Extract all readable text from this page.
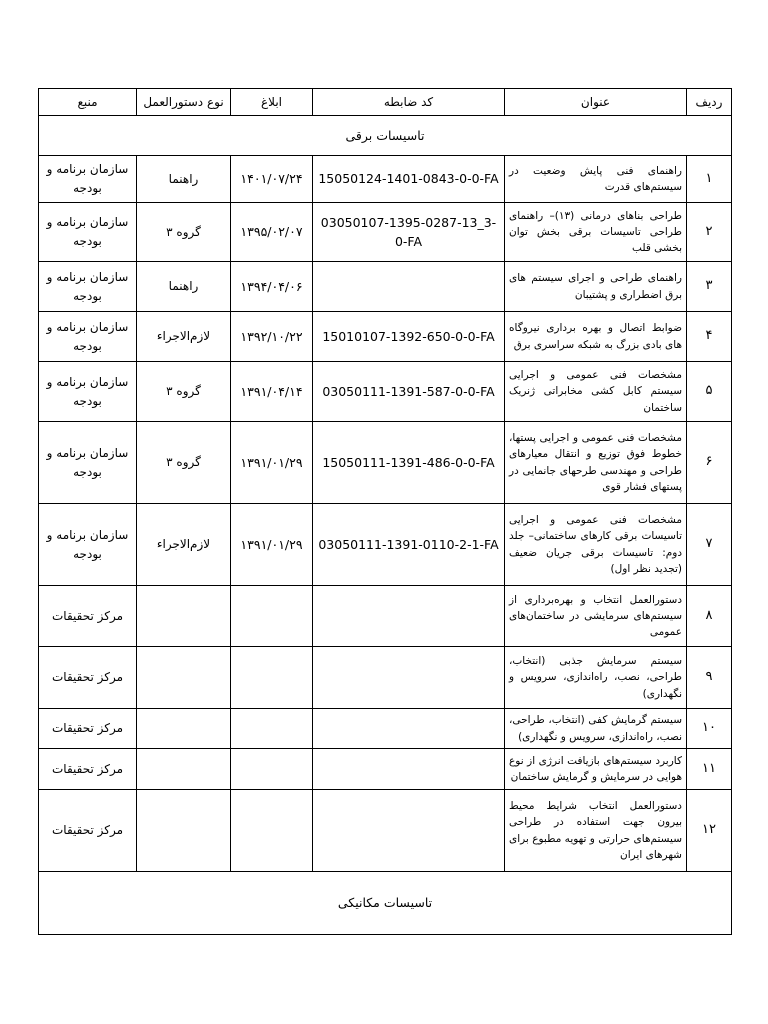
ردیف	عنوان	کد ضابطه	ابلاغ	نوع دستورالعمل	منبع
تاسیسات برقی					
۱	راهنمای فنی پایش وضعیت در سیستم‌های قدرت	15050124-1401-0843-0-0-FA	۱۴۰۱/۰۷/۲۴	راهنما	سازمان برنامه و بودجه
۲	طراحی بناهای درمانی (۱۳)– راهنمای طراحی تاسیسات برقی بخش توان بخشی قلب	03050107-1395-0287-13_3-0-FA	۱۳۹۵/۰۲/۰۷	گروه ۳	سازمان برنامه و بودجه
۳	راهنمای طراحی و اجرای سیستم های برق اضطراری و پشتیبان		۱۳۹۴/۰۴/۰۶	راهنما	سازمان برنامه و بودجه
۴	ضوابط اتصال و بهره برداری نیروگاه های بادی بزرگ به شبکه سراسری برق	15010107-1392-650-0-0-FA	۱۳۹۲/۱۰/۲۲	لازم‌الاجراء	سازمان برنامه و بودجه
۵	مشخصات فنی عمومی و اجرایی سیستم کابل کشی مخابراتی ژنریک ساختمان	03050111-1391-587-0-0-FA	۱۳۹۱/۰۴/۱۴	گروه ۳	سازمان برنامه و بودجه
۶	مشخصات فنی عمومی و اجرایی پستها، خطوط فوق توزیع و انتقال معیارهای طراحی و مهندسی طرحهای جانمایی در پستهای فشار قوی	15050111-1391-486-0-0-FA	۱۳۹۱/۰۱/۲۹	گروه ۳	سازمان برنامه و بودجه
۷	مشخصات فنی عمومی و اجرایی تاسیسات برقی کارهای ساختمانی– جلد دوم: تاسیسات برقی جریان ضعیف (تجدید نظر اول)	03050111-1391-0110-2-1-FA	۱۳۹۱/۰۱/۲۹	لازم‌الاجراء	سازمان برنامه و بودجه
۸	دستورالعمل انتخاب و بهره‌برداری از سیستم‌های سرمایشی در ساختمان‌های عمومی				مرکز تحقیقات
۹	سیستم سرمایش جذبی (انتخاب، طراحی، نصب، راه‌اندازی، سرویس و نگهداری)				مرکز تحقیقات
۱۰	سیستم گرمایش کفی (انتخاب، طراحی، نصب، راه‌اندازی، سرویس و نگهداری)				مرکز تحقیقات
۱۱	کاربرد سیستم‌های بازیافت انرژی از نوع هوایی در سرمایش و گرمایش ساختمان				مرکز تحقیقات
۱۲	دستورالعمل انتخاب شرایط محیط بیرون جهت استفاده در طراحی سیستم‌های حرارتی و تهویه مطبوع برای شهرهای ایران				مرکز تحقیقات
تاسیسات مکانیکی					
